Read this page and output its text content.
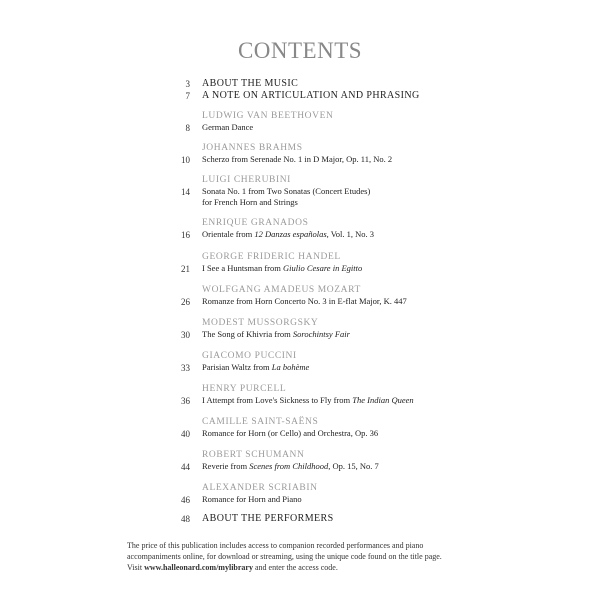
CONTENTS
3 ABOUT THE MUSIC
7 A NOTE ON ARTICULATION AND PHRASING
LUDWIG VAN BEETHOVEN
8 German Dance
JOHANNES BRAHMS
10 Scherzo from Serenade No. 1 in D Major, Op. 11, No. 2
LUIGI CHERUBINI
14 Sonata No. 1 from Two Sonatas (Concert Etudes)
for French Horn and Strings
ENRIQUE GRANADOS
16 Orientale from 12 Danzas españolas, Vol. 1, No. 3
GEORGE FRIDERIC HANDEL
21 I See a Huntsman from Giulio Cesare in Egitto
WOLFGANG AMADEUS MOZART
26 Romanze from Horn Concerto No. 3 in E-flat Major, K. 447
MODEST MUSSORGSKY
30 The Song of Khivria from Sorochintsy Fair
GIACOMO PUCCINI
33 Parisian Waltz from La bohème
HENRY PURCELL
36 I Attempt from Love's Sickness to Fly from The Indian Queen
CAMILLE SAINT-SAËNS
40 Romance for Horn (or Cello) and Orchestra, Op. 36
ROBERT SCHUMANN
44 Reverie from Scenes from Childhood, Op. 15, No. 7
ALEXANDER SCRIABIN
46 Romance for Horn and Piano
48 ABOUT THE PERFORMERS
The price of this publication includes access to companion recorded performances and piano
accompaniments online, for download or streaming, using the unique code found on the title page.
Visit www.halleonard.com/mylibrary and enter the access code.
